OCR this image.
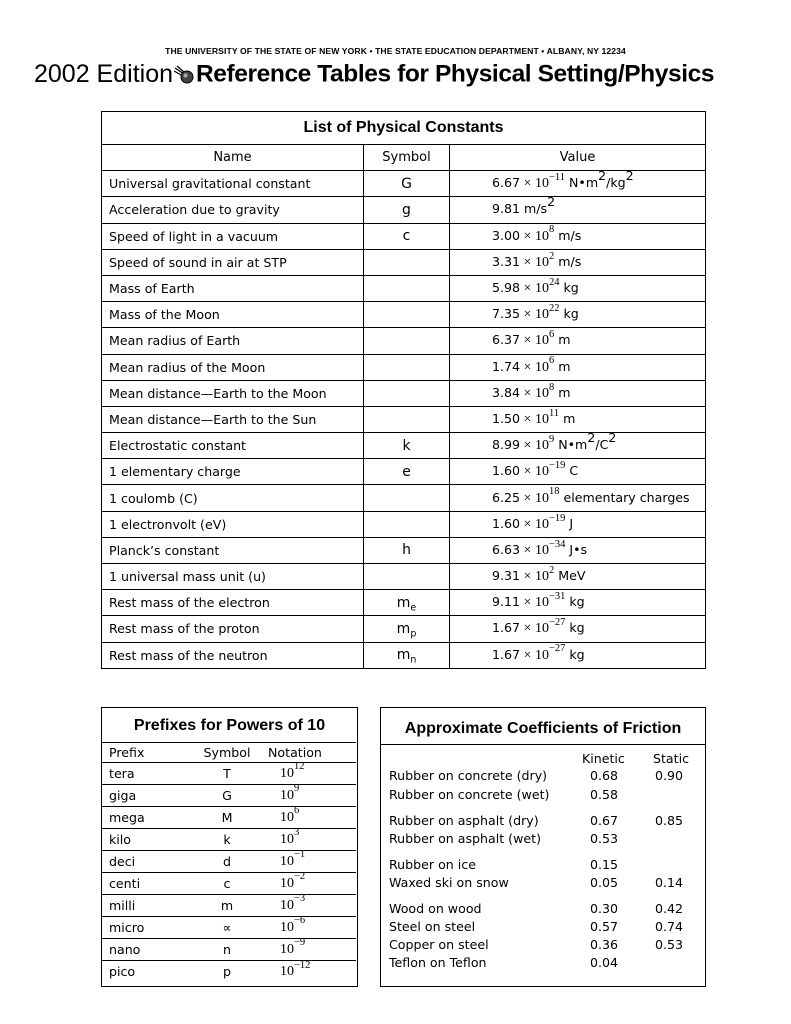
THE UNIVERSITY OF THE STATE OF NEW YORK • THE STATE EDUCATION DEPARTMENT • ALBANY, NY 12234
2002 Edition Reference Tables for Physical Setting/Physics
List of Physical Constants		
Name	Symbol	Value
Universal gravitational constant	G	$6.67 \times 10^{-11}$ $N•m^2/kg^2$
Acceleration due to gravity	g	9.81 $m/s^2$
Speed of light in a vacuum	c	$3.00 \times 10^8$ m/s
Speed of sound in air at STP		$3.31 \times 10^2$ m/s
Mass of Earth		$5.98 \times 10^{24}$ kg
Mass of the Moon		$7.35 \times 10^{22}$ kg
Mean radius of Earth		$6.37 \times 10^6$ m
Mean radius of the Moon		$1.74 \times 10^6$ m
Mean distance—Earth to the Moon		$3.84 \times 10^8$ m
Mean distance—Earth to the Sun		$1.50 \times 10^{11}$ m
Electrostatic constant	k	$8.99 \times 10^9$ $N•m^2/C^2$
1 elementary charge	e	$1.60 \times 10^{-19}$ C
1 coulomb (C)		$6.25 \times 10^{18}$ elementary charges
1 electronvolt (eV)		$1.60 \times 10^{-19}$ J
Planck’s constant	h	$6.63 \times 10^{-34}$ J•s
1 universal mass unit (u)		$9.31 \times 10^2$ MeV
Rest mass of the electron	$m_e$	$9.11 \times 10^{-31}$ kg
Rest mass of the proton	$m_p$	$1.67 \times 10^{-27}$ kg
Rest mass of the neutron	$m_n$	$1.67 \times 10^{-27}$ kg
Prefixes for Powers of 10
Prefix	Symbol	Notation
tera	T	$10^{12}$
giga	G	$10^9$
mega	M	$10^6$
kilo	k	$10^3$
deci	d	$10^{-1}$
centi	c	$10^{-2}$
milli	m	$10^{-3}$
micro	∝	$10^{-6}$
nano	n	$10^{-9}$
pico	p	$10^{-12}$
Approximate Coefficients of Friction
Kinetic Static
Rubber on concrete (dry)	0.68	0.90
Rubber on concrete (wet)	0.58
Rubber on asphalt (dry)	0.67	0.85
Rubber on asphalt (wet)	0.53
Rubber on ice	0.15
Waxed ski on snow	0.05	0.14
Wood on wood	0.30	0.42
Steel on steel	0.57	0.74
Copper on steel	0.36	0.53
Teflon on Teflon	0.04
